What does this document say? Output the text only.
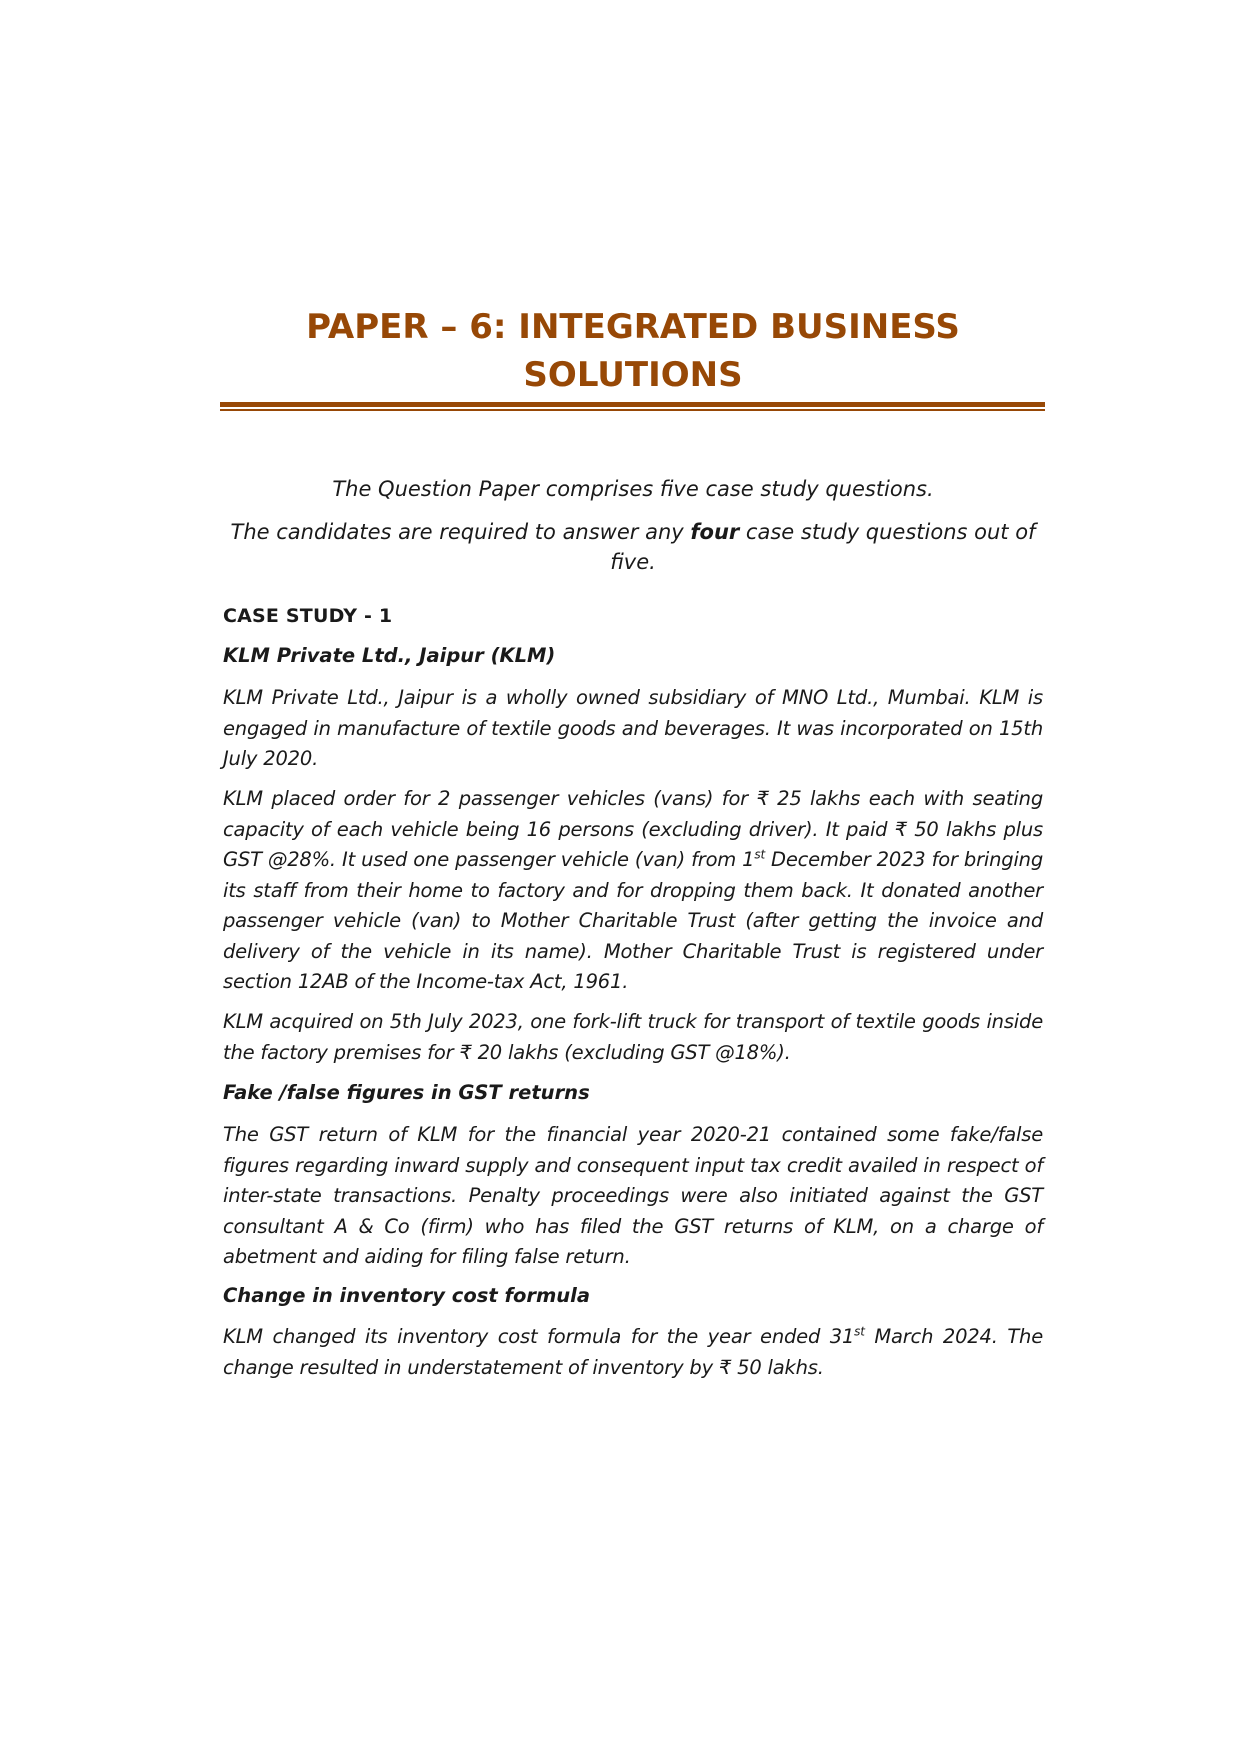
PAPER – 6: INTEGRATED BUSINESS SOLUTIONS

The Question Paper comprises five case study questions.

The candidates are required to answer any four case study questions out of five.

CASE STUDY - 1
KLM Private Ltd., Jaipur (KLM)

KLM Private Ltd., Jaipur is a wholly owned subsidiary of MNO Ltd., Mumbai. KLM is engaged in manufacture of textile goods and beverages. It was incorporated on 15th July 2020.

KLM placed order for 2 passenger vehicles (vans) for ₹ 25 lakhs each with seating capacity of each vehicle being 16 persons (excluding driver). It paid ₹ 50 lakhs plus GST @28%. It used one passenger vehicle (van) from 1st December 2023 for bringing its staff from their home to factory and for dropping them back. It donated another passenger vehicle (van) to Mother Charitable Trust (after getting the invoice and delivery of the vehicle in its name). Mother Charitable Trust is registered under section 12AB of the Income-tax Act, 1961.

KLM acquired on 5th July 2023, one fork-lift truck for transport of textile goods inside the factory premises for ₹ 20 lakhs (excluding GST @18%).

Fake /false figures in GST returns

The GST return of KLM for the financial year 2020-21 contained some fake/false figures regarding inward supply and consequent input tax credit availed in respect of inter-state transactions. Penalty proceedings were also initiated against the GST consultant A & Co (firm) who has filed the GST returns of KLM, on a charge of abetment and aiding for filing false return.

Change in inventory cost formula

KLM changed its inventory cost formula for the year ended 31st March 2024. The change resulted in understatement of inventory by ₹ 50 lakhs.
